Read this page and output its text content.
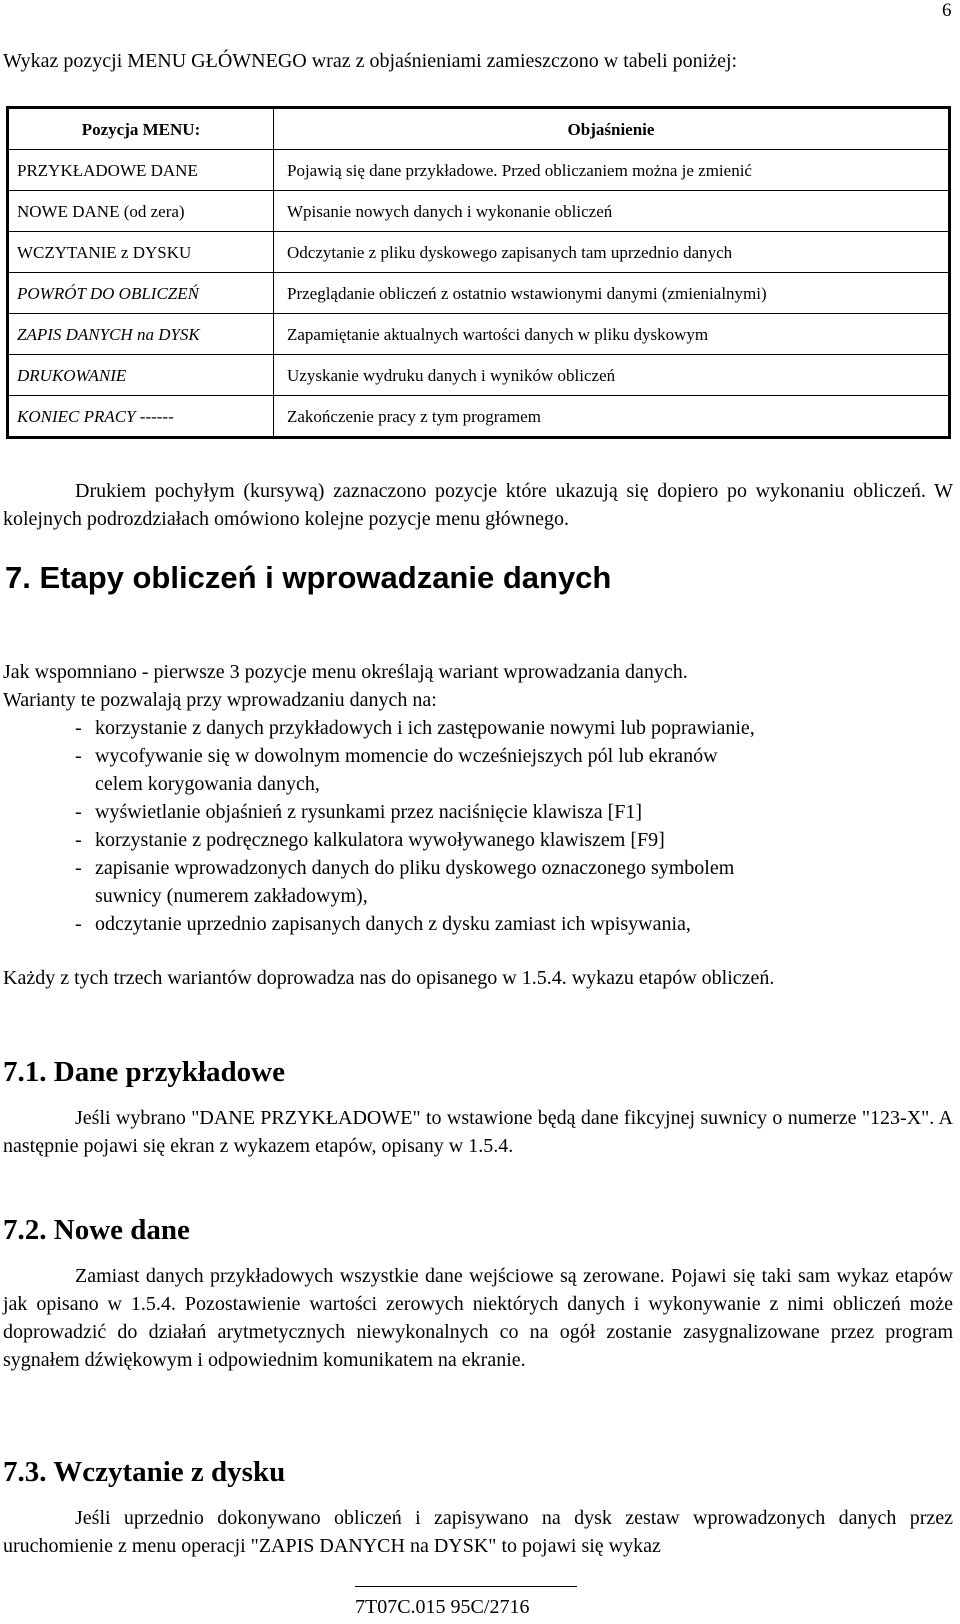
6
Wykaz pozycji MENU GŁÓWNEGO wraz z objaśnieniami zamieszczono w tabeli poniżej:
Pozycja MENU:	Objaśnienie
PRZYKŁADOWE DANE	Pojawią się dane przykładowe. Przed obliczaniem można je zmienić
NOWE DANE (od zera)	Wpisanie nowych danych i wykonanie obliczeń
WCZYTANIE z DYSKU	Odczytanie z pliku dyskowego zapisanych tam uprzednio danych
POWRÓT DO OBLICZEŃ	Przeglądanie obliczeń z ostatnio wstawionymi danymi (zmienialnymi)
ZAPIS DANYCH na DYSK	Zapamiętanie aktualnych wartości danych w pliku dyskowym
DRUKOWANIE	Uzyskanie wydruku danych i wyników obliczeń
KONIEC PRACY ------	Zakończenie pracy z tym programem
Drukiem pochyłym (kursywą) zaznaczono pozycje które ukazują się dopiero po wykonaniu obliczeń. W kolejnych podrozdziałach omówiono kolejne pozycje menu głównego.
7. Etapy obliczeń i wprowadzanie danych
Jak wspomniano - pierwsze 3 pozycje menu określają wariant wprowadzania danych.
Warianty te pozwalają przy wprowadzaniu danych na:
- korzystanie z danych przykładowych i ich zastępowanie nowymi lub poprawianie,
- wycofywanie się w dowolnym momencie do wcześniejszych pól lub ekranów
celem korygowania danych,
- wyświetlanie objaśnień z rysunkami przez naciśnięcie klawisza [F1]
- korzystanie z podręcznego kalkulatora wywoływanego klawiszem [F9]
- zapisanie wprowadzonych danych do pliku dyskowego oznaczonego symbolem
suwnicy (numerem zakładowym),
- odczytanie uprzednio zapisanych danych z dysku zamiast ich wpisywania,
Każdy z tych trzech wariantów doprowadza nas do opisanego w 1.5.4. wykazu etapów obliczeń.
7.1. Dane przykładowe
Jeśli wybrano "DANE PRZYKŁADOWE" to wstawione będą dane fikcyjnej suwnicy o numerze "123-X". A następnie pojawi się ekran z wykazem etapów, opisany w 1.5.4.
7.2. Nowe dane
Zamiast danych przykładowych wszystkie dane wejściowe są zerowane. Pojawi się taki sam wykaz etapów jak opisano w 1.5.4. Pozostawienie wartości zerowych niektórych danych i wykonywanie z nimi obliczeń może doprowadzić do działań arytmetycznych niewykonalnych co na ogół zostanie zasygnalizowane przez program sygnałem dźwiękowym i odpowiednim komunikatem na ekranie.
7.3. Wczytanie z dysku
Jeśli uprzednio dokonywano obliczeń i zapisywano na dysk zestaw wprowadzonych danych przez uruchomienie z menu operacji "ZAPIS DANYCH na DYSK" to pojawi się wykaz
7T07C.015 95C/2716
